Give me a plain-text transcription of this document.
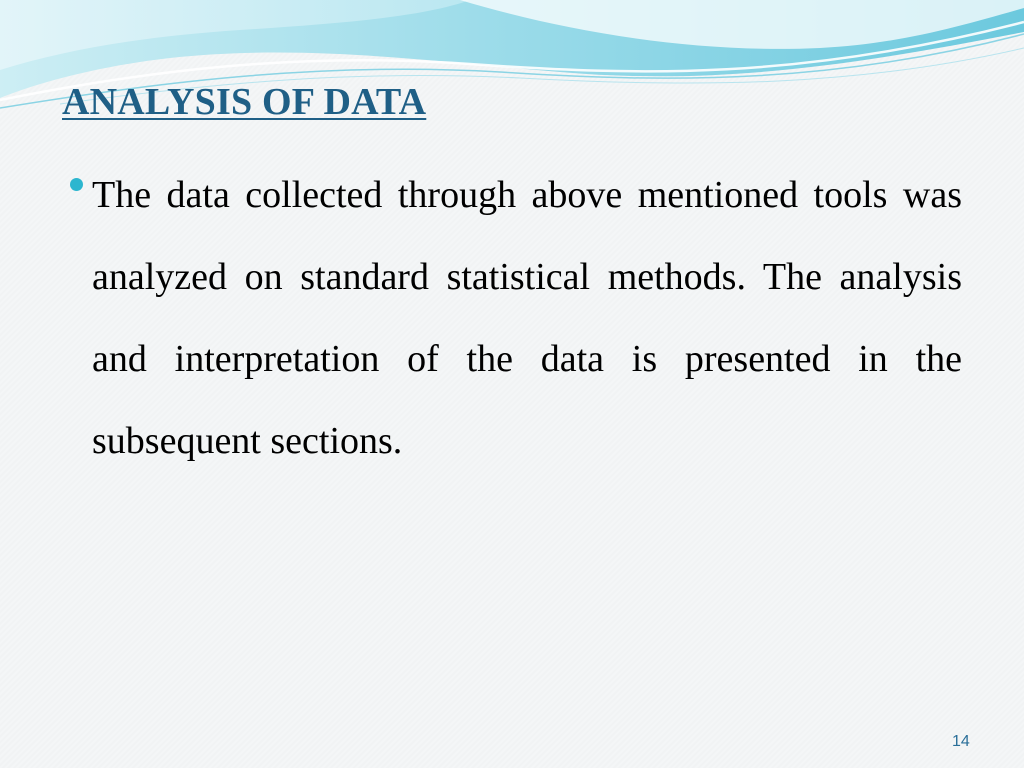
ANALYSIS OF DATA

The data collected through above mentioned tools was analyzed on standard statistical methods. The analysis and interpretation of the data is presented in the subsequent sections.

14
